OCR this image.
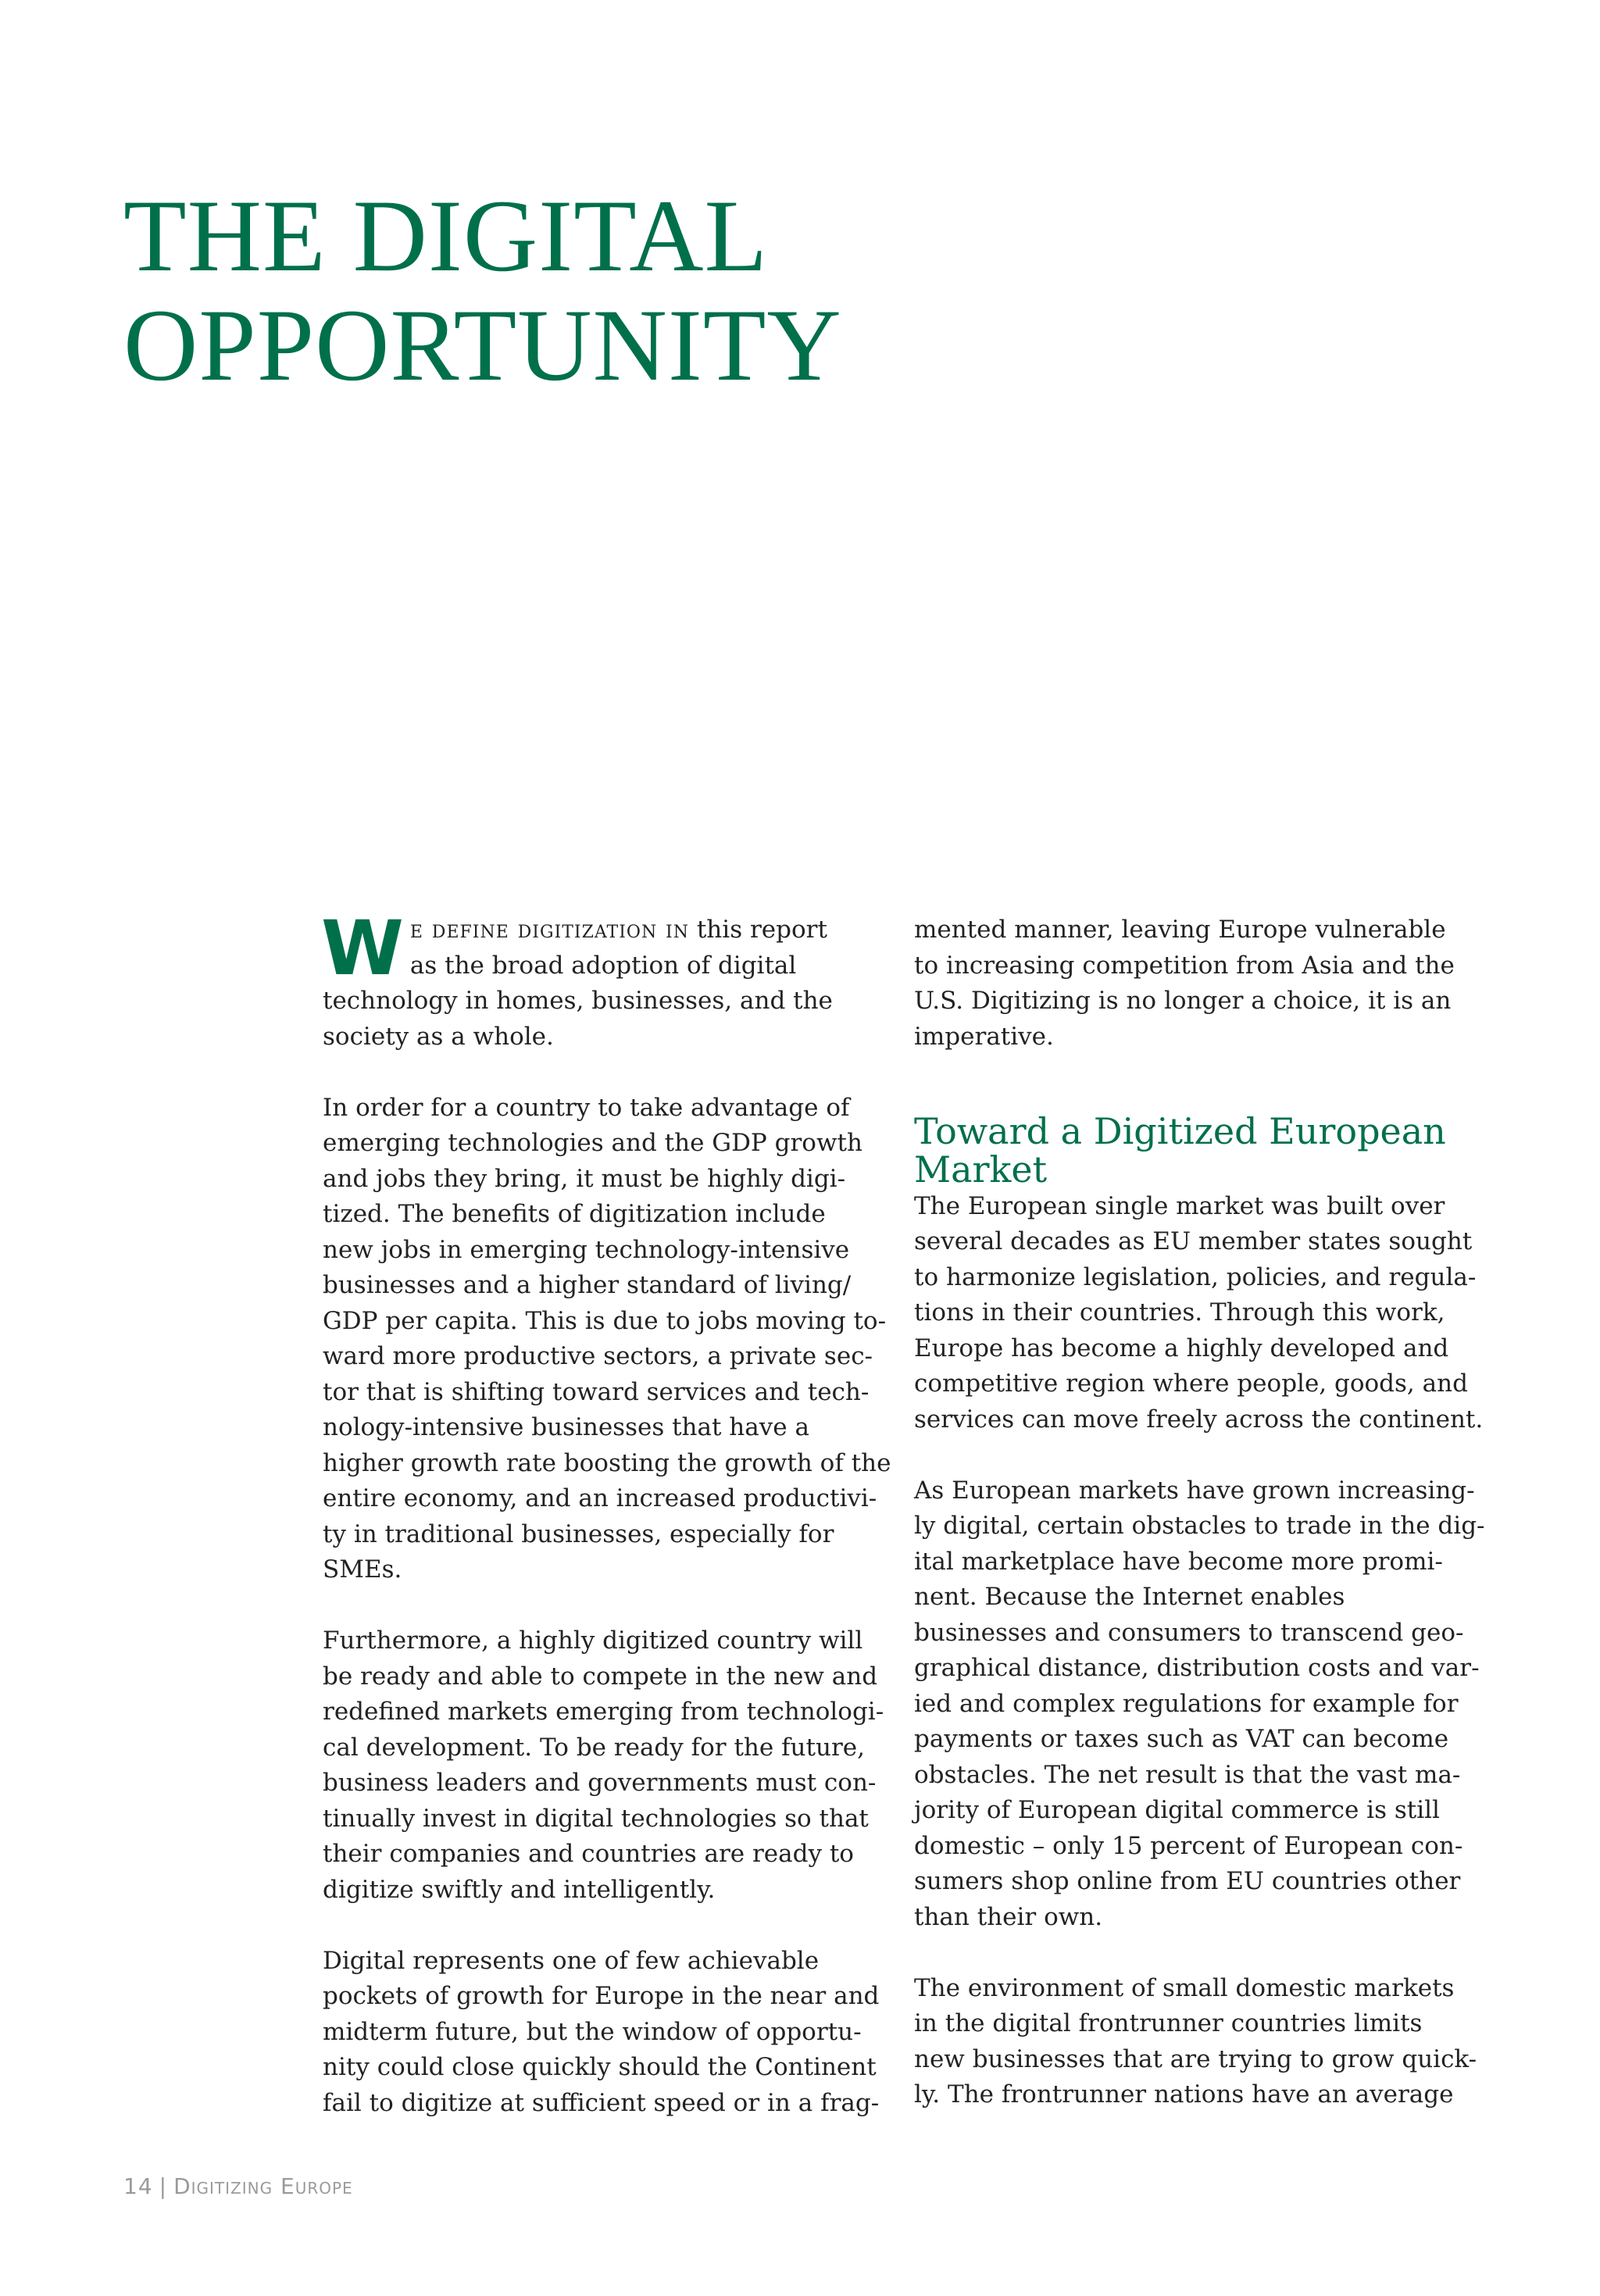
THE DIGITAL
OPPORTUNITY

W e define digitization in this report
as the broad adoption of digital
technology in homes, businesses, and the
society as a whole.

In order for a country to take advantage of
emerging technologies and the GDP growth
and jobs they bring, it must be highly digi-
tized. The benefits of digitization include
new jobs in emerging technology-intensive
businesses and a higher standard of living/
GDP per capita. This is due to jobs moving to-
ward more productive sectors, a private sec-
tor that is shifting toward services and tech-
nology-intensive businesses that have a
higher growth rate boosting the growth of the
entire economy, and an increased productivi-
ty in traditional businesses, especially for
SMEs.

Furthermore, a highly digitized country will
be ready and able to compete in the new and
redefined markets emerging from technologi-
cal development. To be ready for the future,
business leaders and governments must con-
tinually invest in digital technologies so that
their companies and countries are ready to
digitize swiftly and intelligently.

Digital represents one of few achievable
pockets of growth for Europe in the near and
midterm future, but the window of opportu-
nity could close quickly should the Continent
fail to digitize at sufficient speed or in a frag-

mented manner, leaving Europe vulnerable
to increasing competition from Asia and the
U.S. Digitizing is no longer a choice, it is an
imperative.

Toward a Digitized European
Market

The European single market was built over
several decades as EU member states sought
to harmonize legislation, policies, and regula-
tions in their countries. Through this work,
Europe has become a highly developed and
competitive region where people, goods, and
services can move freely across the continent.

As European markets have grown increasing-
ly digital, certain obstacles to trade in the dig-
ital marketplace have become more promi-
nent. Because the Internet enables
businesses and consumers to transcend geo-
graphical distance, distribution costs and var-
ied and complex regulations for example for
payments or taxes such as VAT can become
obstacles. The net result is that the vast ma-
jority of European digital commerce is still
domestic – only 15 percent of European con-
sumers shop online from EU countries other
than their own.

The environment of small domestic markets
in the digital frontrunner countries limits
new businesses that are trying to grow quick-
ly. The frontrunner nations have an average

14 | Digitizing Europe
